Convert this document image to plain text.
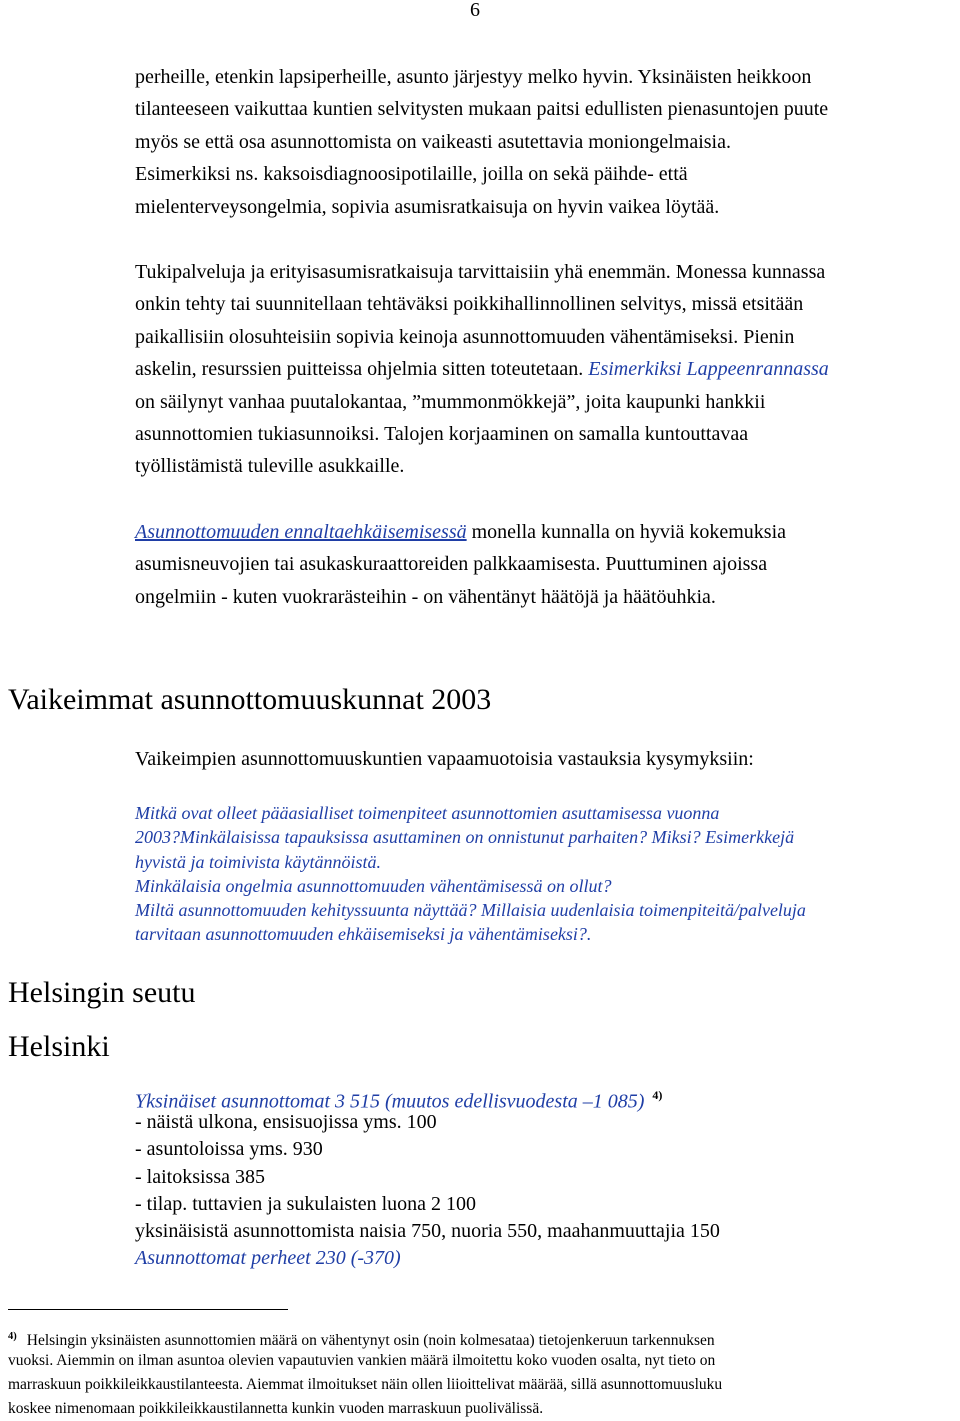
6
perheille, etenkin lapsiperheille, asunto järjestyy melko hyvin. Yksinäisten heikkoon
tilanteeseen vaikuttaa kuntien selvitysten mukaan paitsi edullisten pienasuntojen puute
myös se että osa asunnottomista on vaikeasti asutettavia moniongelmaisia.
Esimerkiksi ns. kaksoisdiagnoosipotilaille, joilla on sekä päihde- että
mielenterveysongelmia, sopivia asumisratkaisuja on hyvin vaikea löytää.
Tukipalveluja ja erityisasumisratkaisuja tarvittaisiin yhä enemmän. Monessa kunnassa
onkin tehty tai suunnitellaan tehtäväksi poikkihallinnollinen selvitys, missä etsitään
paikallisiin olosuhteisiin sopivia keinoja asunnottomuuden vähentämiseksi. Pienin
askelin, resurssien puitteissa ohjelmia sitten toteutetaan. Esimerkiksi Lappeenrannassa
on säilynyt vanhaa puutalokantaa, ”mummonmökkejä”, joita kaupunki hankkii
asunnottomien tukiasunnoiksi. Talojen korjaaminen on samalla kuntouttavaa
työllistämistä tuleville asukkaille.
Asunnottomuuden ennaltaehkäisemisessä monella kunnalla on hyviä kokemuksia
asumisneuvojien tai asukaskuraattoreiden palkkaamisesta. Puuttuminen ajoissa
ongelmiin - kuten vuokrarästeihin - on vähentänyt häätöjä ja häätöuhkia.
Vaikeimmat asunnottomuuskunnat 2003
Vaikeimpien asunnottomuuskuntien vapaamuotoisia vastauksia kysymyksiin:
Mitkä ovat olleet pääasialliset toimenpiteet asunnottomien asuttamisessa vuonna
2003?Minkälaisissa tapauksissa asuttaminen on onnistunut parhaiten? Miksi? Esimerkkejä
hyvistä ja toimivista käytännöistä.
Minkälaisia ongelmia asunnottomuuden vähentämisessä on ollut?
Miltä asunnottomuuden kehityssuunta näyttää? Millaisia uudenlaisia toimenpiteitä/palveluja
tarvitaan asunnottomuuden ehkäisemiseksi ja vähentämiseksi?.
Helsingin seutu
Helsinki
Yksinäiset asunnottomat 3 515 (muutos edellisvuodesta –1 085) $^{4)}$
- näistä ulkona, ensisuojissa yms. 100
- asuntoloissa yms. 930
- laitoksissa 385
- tilap. tuttavien ja sukulaisten luona 2 100
yksinäisistä asunnottomista naisia 750, nuoria 550, maahanmuuttajia 150
Asunnottomat perheet 230 (-370)
$^{4)}$ Helsingin yksinäisten asunnottomien määrä on vähentynyt osin (noin kolmesataa) tietojenkeruun tarkennuksen
vuoksi. Aiemmin on ilman asuntoa olevien vapautuvien vankien määrä ilmoitettu koko vuoden osalta, nyt tieto on
marraskuun poikkileikkaustilanteesta. Aiemmat ilmoitukset näin ollen liioittelivat määrää, sillä asunnottomuusluku
koskee nimenomaan poikkileikkaustilannetta kunkin vuoden marraskuun puolivälissä.
